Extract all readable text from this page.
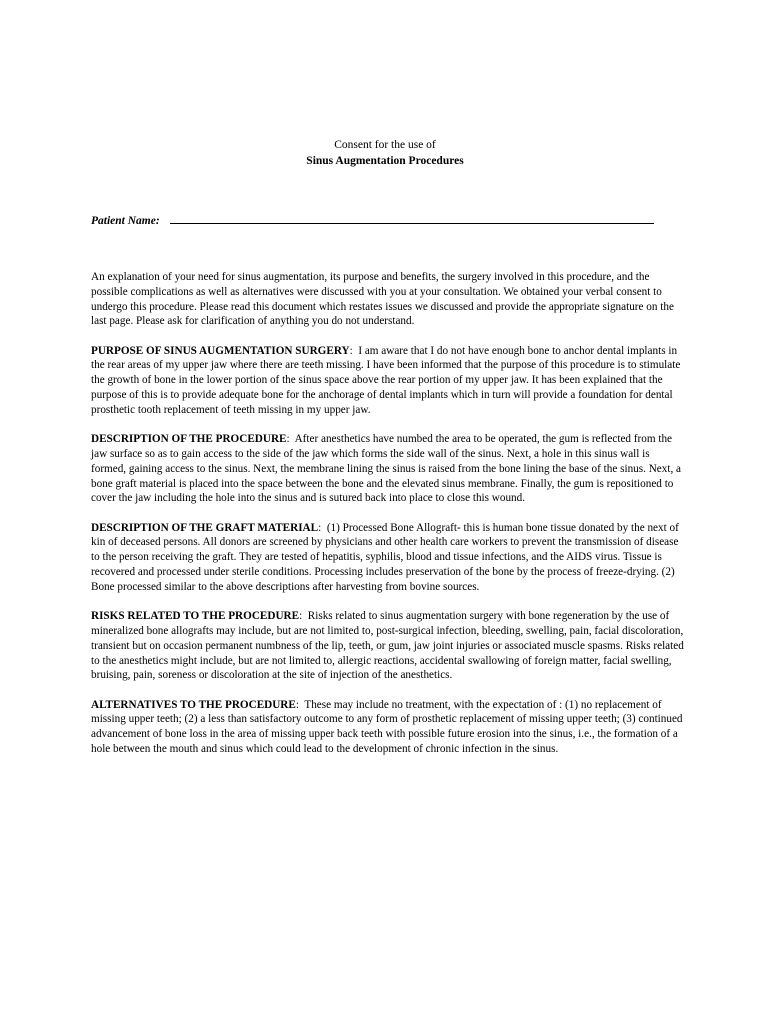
Consent for the use of
Sinus Augmentation Procedures
Patient Name:

An explanation of your need for sinus augmentation, its purpose and benefits, the surgery involved in this procedure, and the possible complications as well as alternatives were discussed with you at your consultation. We obtained your verbal consent to undergo this procedure. Please read this document which restates issues we discussed and provide the appropriate signature on the last page. Please ask for clarification of anything you do not understand.

PURPOSE OF SINUS AUGMENTATION SURGERY:  I am aware that I do not have enough bone to anchor dental implants in the rear areas of my upper jaw where there are teeth missing. I have been informed that the purpose of this procedure is to stimulate the growth of bone in the lower portion of the sinus space above the rear portion of my upper jaw. It has been explained that the purpose of this is to provide adequate bone for the anchorage of dental implants which in turn will provide a foundation for dental prosthetic tooth replacement of teeth missing in my upper jaw.

DESCRIPTION OF THE PROCEDURE:  After anesthetics have numbed the area to be operated, the gum is reflected from the jaw surface so as to gain access to the side of the jaw which forms the side wall of the sinus. Next, a hole in this sinus wall is formed, gaining access to the sinus. Next, the membrane lining the sinus is raised from the bone lining the base of the sinus. Next, a bone graft material is placed into the space between the bone and the elevated sinus membrane. Finally, the gum is repositioned to cover the jaw including the hole into the sinus and is sutured back into place to close this wound.

DESCRIPTION OF THE GRAFT MATERIAL:  (1) Processed Bone Allograft- this is human bone tissue donated by the next of kin of deceased persons. All donors are screened by physicians and other health care workers to prevent the transmission of disease to the person receiving the graft. They are tested of hepatitis, syphilis, blood and tissue infections, and the AIDS virus. Tissue is recovered and processed under sterile conditions. Processing includes preservation of the bone by the process of freeze-drying. (2) Bone processed similar to the above descriptions after harvesting from bovine sources.

RISKS RELATED TO THE PROCEDURE:  Risks related to sinus augmentation surgery with bone regeneration by the use of mineralized bone allografts may include, but are not limited to, post-surgical infection, bleeding, swelling, pain, facial discoloration, transient but on occasion permanent numbness of the lip, teeth, or gum, jaw joint injuries or associated muscle spasms. Risks related to the anesthetics might include, but are not limited to, allergic reactions, accidental swallowing of foreign matter, facial swelling, bruising, pain, soreness or discoloration at the site of injection of the anesthetics.

ALTERNATIVES TO THE PROCEDURE:  These may include no treatment, with the expectation of : (1) no replacement of missing upper teeth; (2) a less than satisfactory outcome to any form of prosthetic replacement of missing upper teeth; (3) continued advancement of bone loss in the area of missing upper back teeth with possible future erosion into the sinus, i.e., the formation of a hole between the mouth and sinus which could lead to the development of chronic infection in the sinus.
